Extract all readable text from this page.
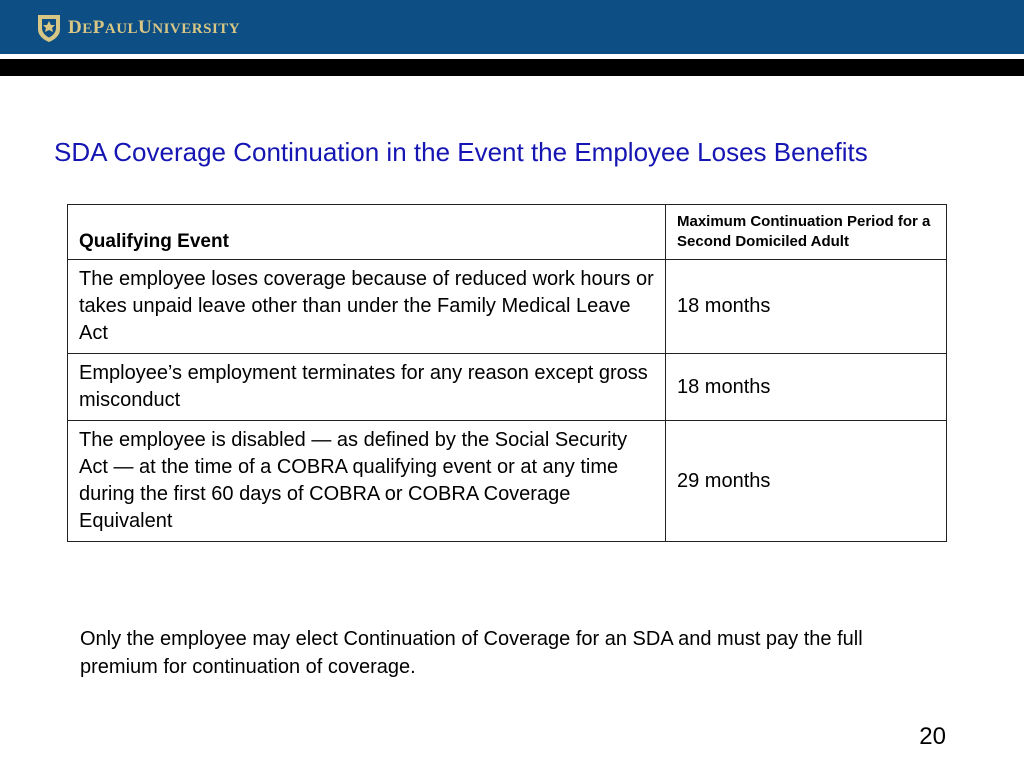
DEPAULUNIVERSITY
SDA Coverage Continuation in the Event the Employee Loses Benefits
Qualifying Event	Maximum Continuation Period for a Second Domiciled Adult
The employee loses coverage because of reduced work hours or takes unpaid leave other than under the Family Medical Leave Act	18 months
Employee’s employment terminates for any reason except gross misconduct	18 months
The employee is disabled — as defined by the Social Security Act — at the time of a COBRA qualifying event or at any time during the first 60 days of COBRA or COBRA Coverage Equivalent	29 months
Only the employee may elect Continuation of Coverage for an SDA and must pay the full premium for continuation of coverage.
20
